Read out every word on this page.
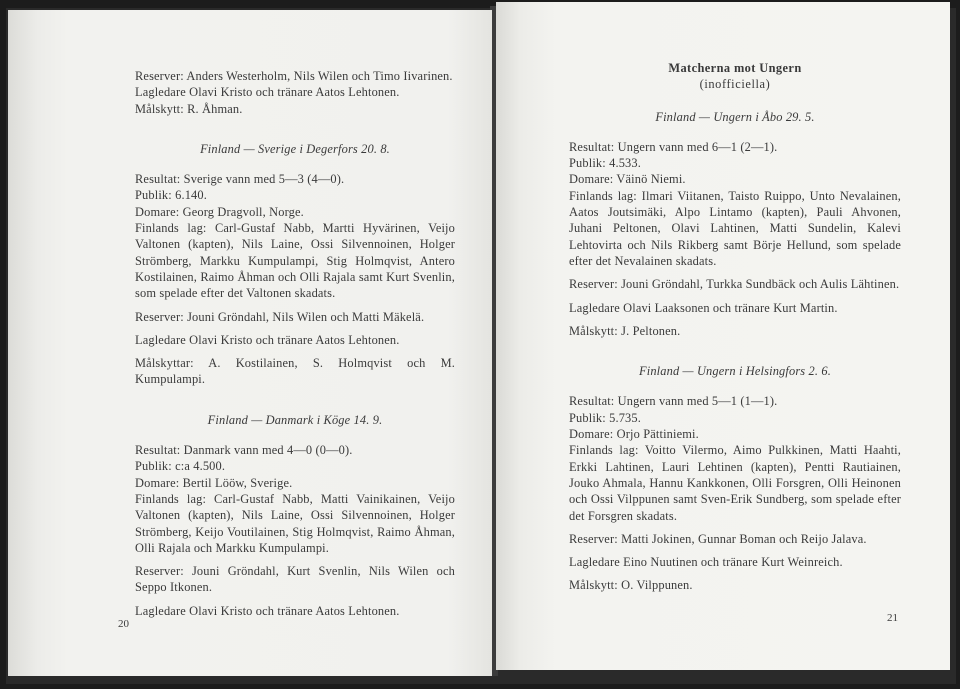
Reserver: Anders Westerholm, Nils Wilen och Timo Iivarinen.

Lagledare Olavi Kristo och tränare Aatos Lehtonen.

Målskytt: R. Åhman.

Finland — Sverige i Degerfors 20. 8.

Resultat: Sverige vann med 5—3 (4—0).

Publik: 6.140.

Domare: Georg Dragvoll, Norge.

Finlands lag: Carl-Gustaf Nabb, Martti Hyvärinen, Veijo Valtonen (kapten), Nils Laine, Ossi Silvennoinen, Holger Strömberg, Markku Kumpulampi, Stig Holmqvist, Antero Kostilainen, Raimo Åhman och Olli Rajala samt Kurt Svenlin, som spelade efter det Valtonen skadats.

Reserver: Jouni Gröndahl, Nils Wilen och Matti Mäkelä.

Lagledare Olavi Kristo och tränare Aatos Lehtonen.

Målskyttar: A. Kostilainen, S. Holmqvist och M. Kumpulampi.

Finland — Danmark i Köge 14. 9.

Resultat: Danmark vann med 4—0 (0—0).

Publik: c:a 4.500.

Domare: Bertil Lööw, Sverige.

Finlands lag: Carl-Gustaf Nabb, Matti Vainikainen, Veijo Valtonen (kapten), Nils Laine, Ossi Silvennoinen, Holger Strömberg, Keijo Voutilainen, Stig Holmqvist, Raimo Åhman, Olli Rajala och Markku Kumpulampi.

Reserver: Jouni Gröndahl, Kurt Svenlin, Nils Wilen och Seppo Itkonen.

Lagledare Olavi Kristo och tränare Aatos Lehtonen.

20

Matcherna mot Ungern

(inofficiella)

Finland — Ungern i Åbo 29. 5.

Resultat: Ungern vann med 6—1 (2—1).

Publik: 4.533.

Domare: Väinö Niemi.

Finlands lag: Ilmari Viitanen, Taisto Ruippo, Unto Nevalainen, Aatos Joutsimäki, Alpo Lintamo (kapten), Pauli Ahvonen, Juhani Peltonen, Olavi Lahtinen, Matti Sundelin, Kalevi Lehtovirta och Nils Rikberg samt Börje Hellund, som spelade efter det Nevalainen skadats.

Reserver: Jouni Gröndahl, Turkka Sundbäck och Aulis Lähtinen.

Lagledare Olavi Laaksonen och tränare Kurt Martin.

Målskytt: J. Peltonen.

Finland — Ungern i Helsingfors 2. 6.

Resultat: Ungern vann med 5—1 (1—1).

Publik: 5.735.

Domare: Orjo Pättiniemi.

Finlands lag: Voitto Vilermo, Aimo Pulkkinen, Matti Haahti, Erkki Lahtinen, Lauri Lehtinen (kapten), Pentti Rautiainen, Jouko Ahmala, Hannu Kankkonen, Olli Forsgren, Olli Heinonen och Ossi Vilppunen samt Sven-Erik Sundberg, som spelade efter det Forsgren skadats.

Reserver: Matti Jokinen, Gunnar Boman och Reijo Jalava.

Lagledare Eino Nuutinen och tränare Kurt Weinreich.

Målskytt: O. Vilppunen.

21
